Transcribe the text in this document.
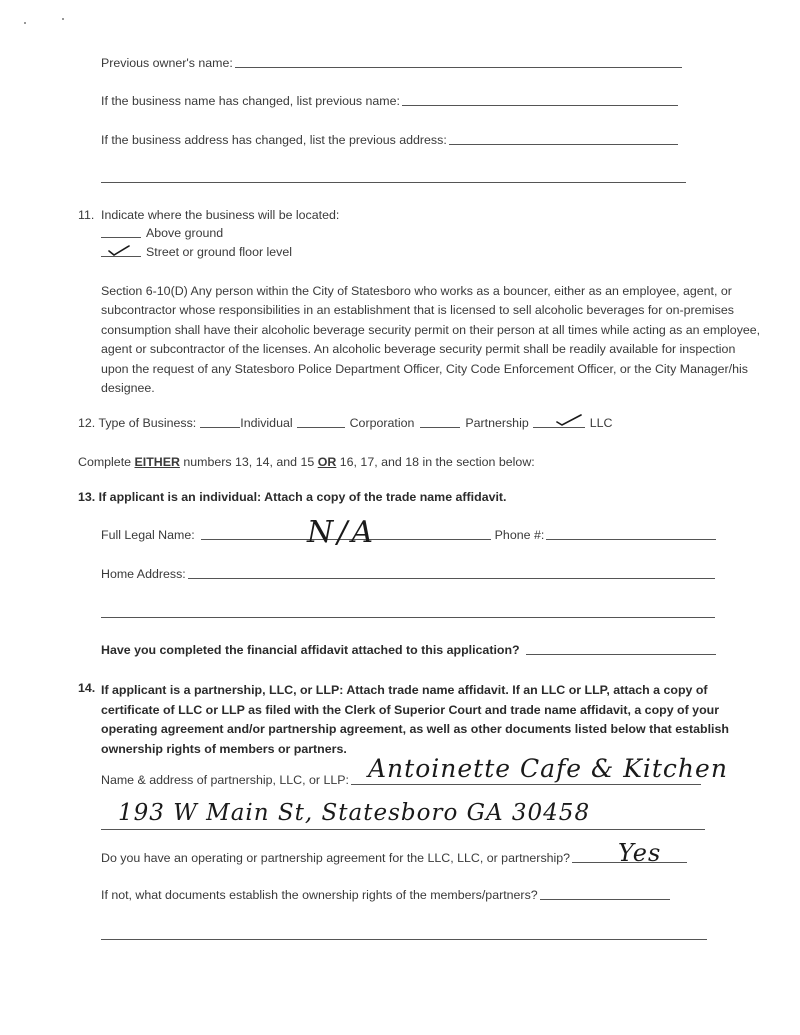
Previous owner's name:
If the business name has changed, list previous name:
If the business address has changed, list the previous address:
11. Indicate where the business will be located:
Above ground
Street or ground floor level
Section 6-10(D) Any person within the City of Statesboro who works as a bouncer, either as an employee, agent, or subcontractor whose responsibilities in an establishment that is licensed to sell alcoholic beverages for on-premises consumption shall have their alcoholic beverage security permit on their person at all times while acting as an employee, agent or subcontractor of the licenses. An alcoholic beverage security permit shall be readily available for inspection upon the request of any Statesboro Police Department Officer, City Code Enforcement Officer, or the City Manager/his designee.
12. Type of Business:	Individual	Corporation	Partnership	LLC
Complete EITHER numbers 13, 14, and 15 OR 16, 17, and 18 in the section below:
13. If applicant is an individual: Attach a copy of the trade name affidavit.
Full Legal Name:	Phone #:
N/A
Home Address:
Have you completed the financial affidavit attached to this application?
14. If applicant is a partnership, LLC, or LLP: Attach trade name affidavit. If an LLC or LLP, attach a copy of certificate of LLC or LLP as filed with the Clerk of Superior Court and trade name affidavit, a copy of your operating agreement and/or partnership agreement, as well as other documents listed below that establish ownership rights of members or partners.
Name & address of partnership, LLC, or LLP: Antoinette Cafe & Kitchen
193 W Main St, Statesboro GA 30458
Do you have an operating or partnership agreement for the LLC, LLC, or partnership? Yes
If not, what documents establish the ownership rights of the members/partners?
